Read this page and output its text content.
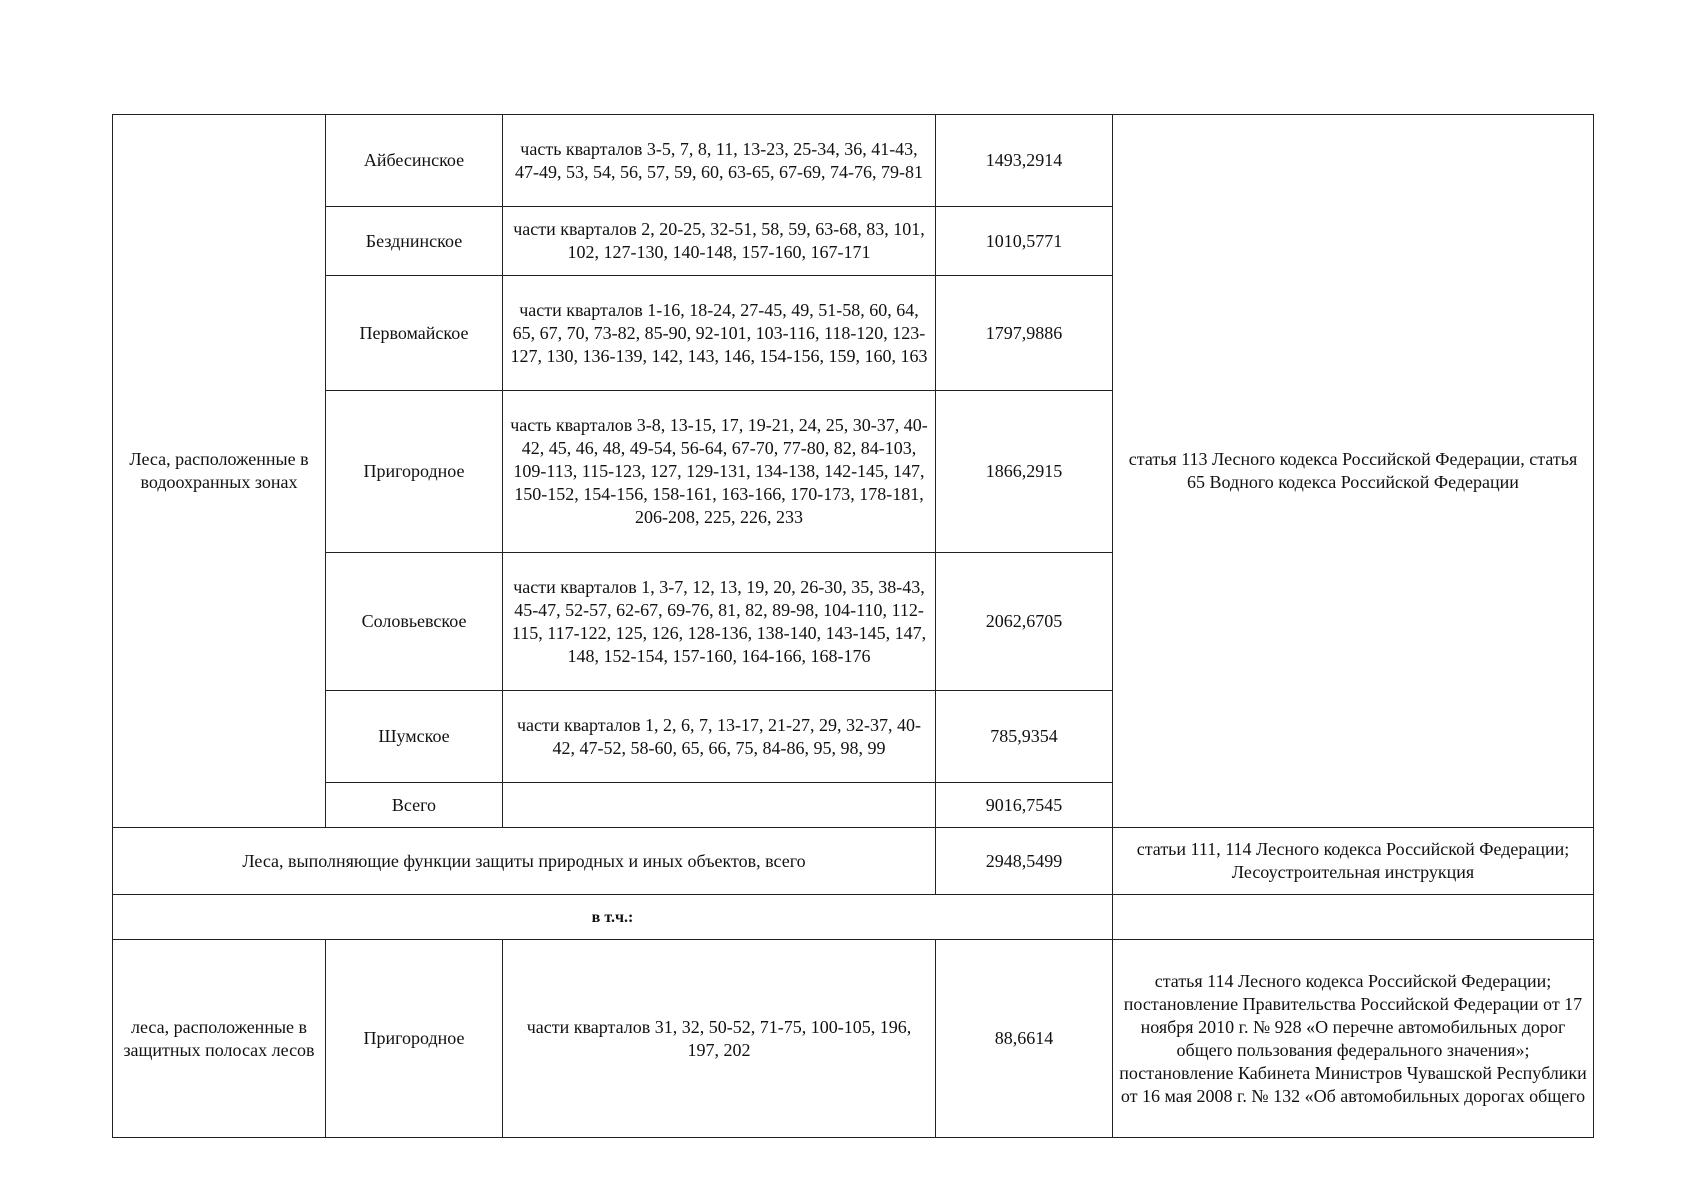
Леса, расположенные в водоохранных зонах	Айбесинское	часть кварталов 3-5, 7, 8, 11, 13-23, 25-34, 36, 41-43, 47-49, 53, 54, 56, 57, 59, 60, 63-65, 67-69, 74-76, 79-81	1493,2914	статья 113 Лесного кодекса Российской Федерации, статья 65 Водного кодекса Российской Федерации
	Безднинское	части кварталов 2, 20-25, 32-51, 58, 59, 63-68, 83, 101, 102, 127-130, 140-148, 157-160, 167-171	1010,5771	
	Первомайское	части кварталов 1-16, 18-24, 27-45, 49, 51-58, 60, 64, 65, 67, 70, 73-82, 85-90, 92-101, 103-116, 118-120, 123-127, 130, 136-139, 142, 143, 146, 154-156, 159, 160, 163	1797,9886	
	Пригородное	часть кварталов 3-8, 13-15, 17, 19-21, 24, 25, 30-37, 40-42, 45, 46, 48, 49-54, 56-64, 67-70, 77-80, 82, 84-103, 109-113, 115-123, 127, 129-131, 134-138, 142-145, 147, 150-152, 154-156, 158-161, 163-166, 170-173, 178-181, 206-208, 225, 226, 233	1866,2915	
	Соловьевское	части кварталов 1, 3-7, 12, 13, 19, 20, 26-30, 35, 38-43, 45-47, 52-57, 62-67, 69-76, 81, 82, 89-98, 104-110, 112-115, 117-122, 125, 126, 128-136, 138-140, 143-145, 147, 148, 152-154, 157-160, 164-166, 168-176	2062,6705	
	Шумское	части кварталов 1, 2, 6, 7, 13-17, 21-27, 29, 32-37, 40-42, 47-52, 58-60, 65, 66, 75, 84-86, 95, 98, 99	785,9354	
	Всего		9016,7545	
Леса, выполняющие функции защиты природных и иных объектов, всего			2948,5499	статьи 111, 114 Лесного кодекса Российской Федерации; Лесоустроительная инструкция
в т.ч.:				
леса, расположенные в защитных полосах лесов	Пригородное	части кварталов 31, 32, 50-52, 71-75, 100-105, 196, 197, 202	88,6614	статья 114 Лесного кодекса Российской Федерации; постановление Правительства Российской Федерации от 17 ноября 2010 г. № 928 «О перечне автомобильных дорог общего пользования федерального значения»; постановление Кабинета Министров Чувашской Республики от 16 мая 2008 г. № 132 «Об автомобильных дорогах общего
